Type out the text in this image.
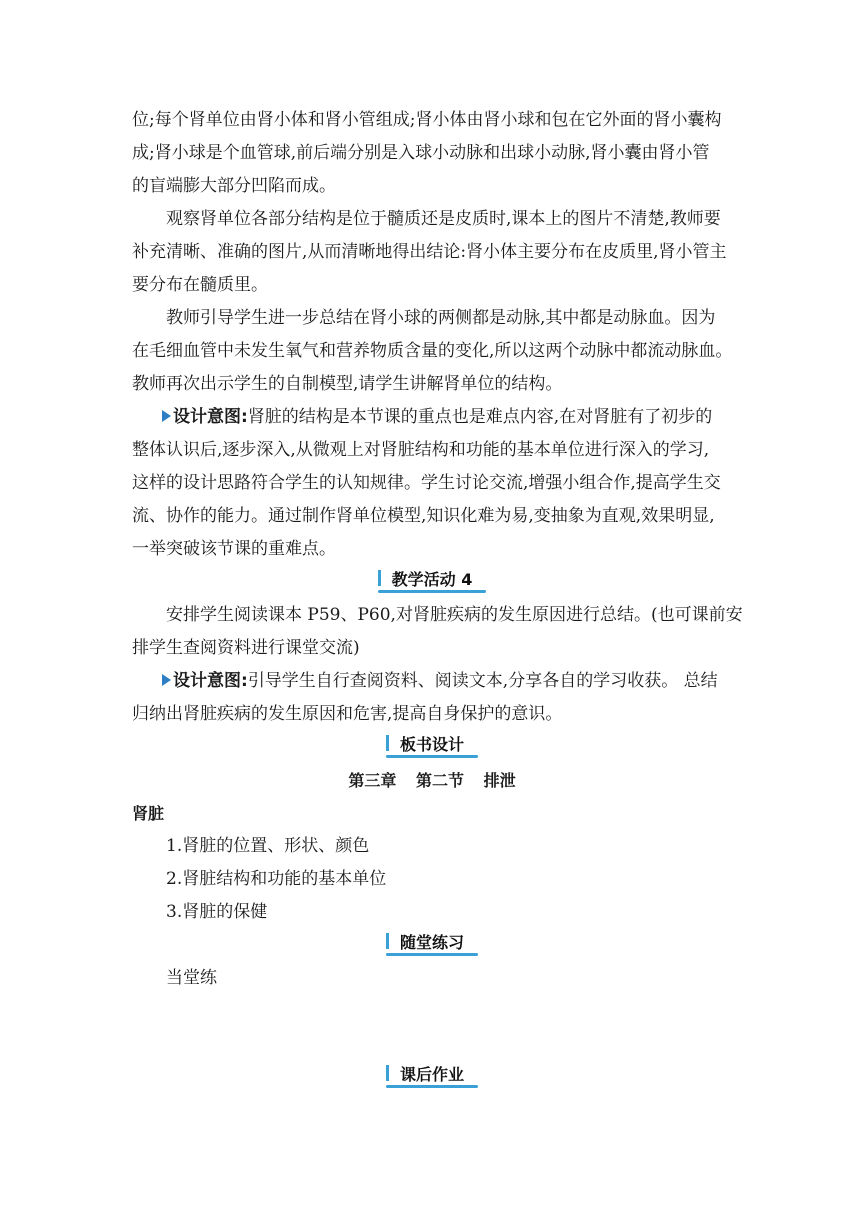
位;每个肾单位由肾小体和肾小管组成;肾小体由肾小球和包在它外面的肾小囊构
成;肾小球是个血管球,前后端分别是入球小动脉和出球小动脉,肾小囊由肾小管
的盲端膨大部分凹陷而成。
观察肾单位各部分结构是位于髓质还是皮质时,课本上的图片不清楚,教师要
补充清晰、准确的图片,从而清晰地得出结论:肾小体主要分布在皮质里,肾小管主
要分布在髓质里。
教师引导学生进一步总结在肾小球的两侧都是动脉,其中都是动脉血。因为
在毛细血管中未发生氧气和营养物质含量的变化,所以这两个动脉中都流动脉血。
教师再次出示学生的自制模型,请学生讲解肾单位的结构。
设计意图:肾脏的结构是本节课的重点也是难点内容,在对肾脏有了初步的
整体认识后,逐步深入,从微观上对肾脏结构和功能的基本单位进行深入的学习,
这样的设计思路符合学生的认知规律。学生讨论交流,增强小组合作,提高学生交
流、协作的能力。通过制作肾单位模型,知识化难为易,变抽象为直观,效果明显,
一举突破该节课的重难点。
教学活动 4
安排学生阅读课本 P59、P60,对肾脏疾病的发生原因进行总结。(也可课前安
排学生查阅资料进行课堂交流)
设计意图:引导学生自行查阅资料、阅读文本,分享各自的学习收获。 总结
归纳出肾脏疾病的发生原因和危害,提高自身保护的意识。
板书设计
第三章 第二节 排泄
肾脏
1.肾脏的位置、形状、颜色
2.肾脏结构和功能的基本单位
3.肾脏的保健
随堂练习
当堂练
课后作业
